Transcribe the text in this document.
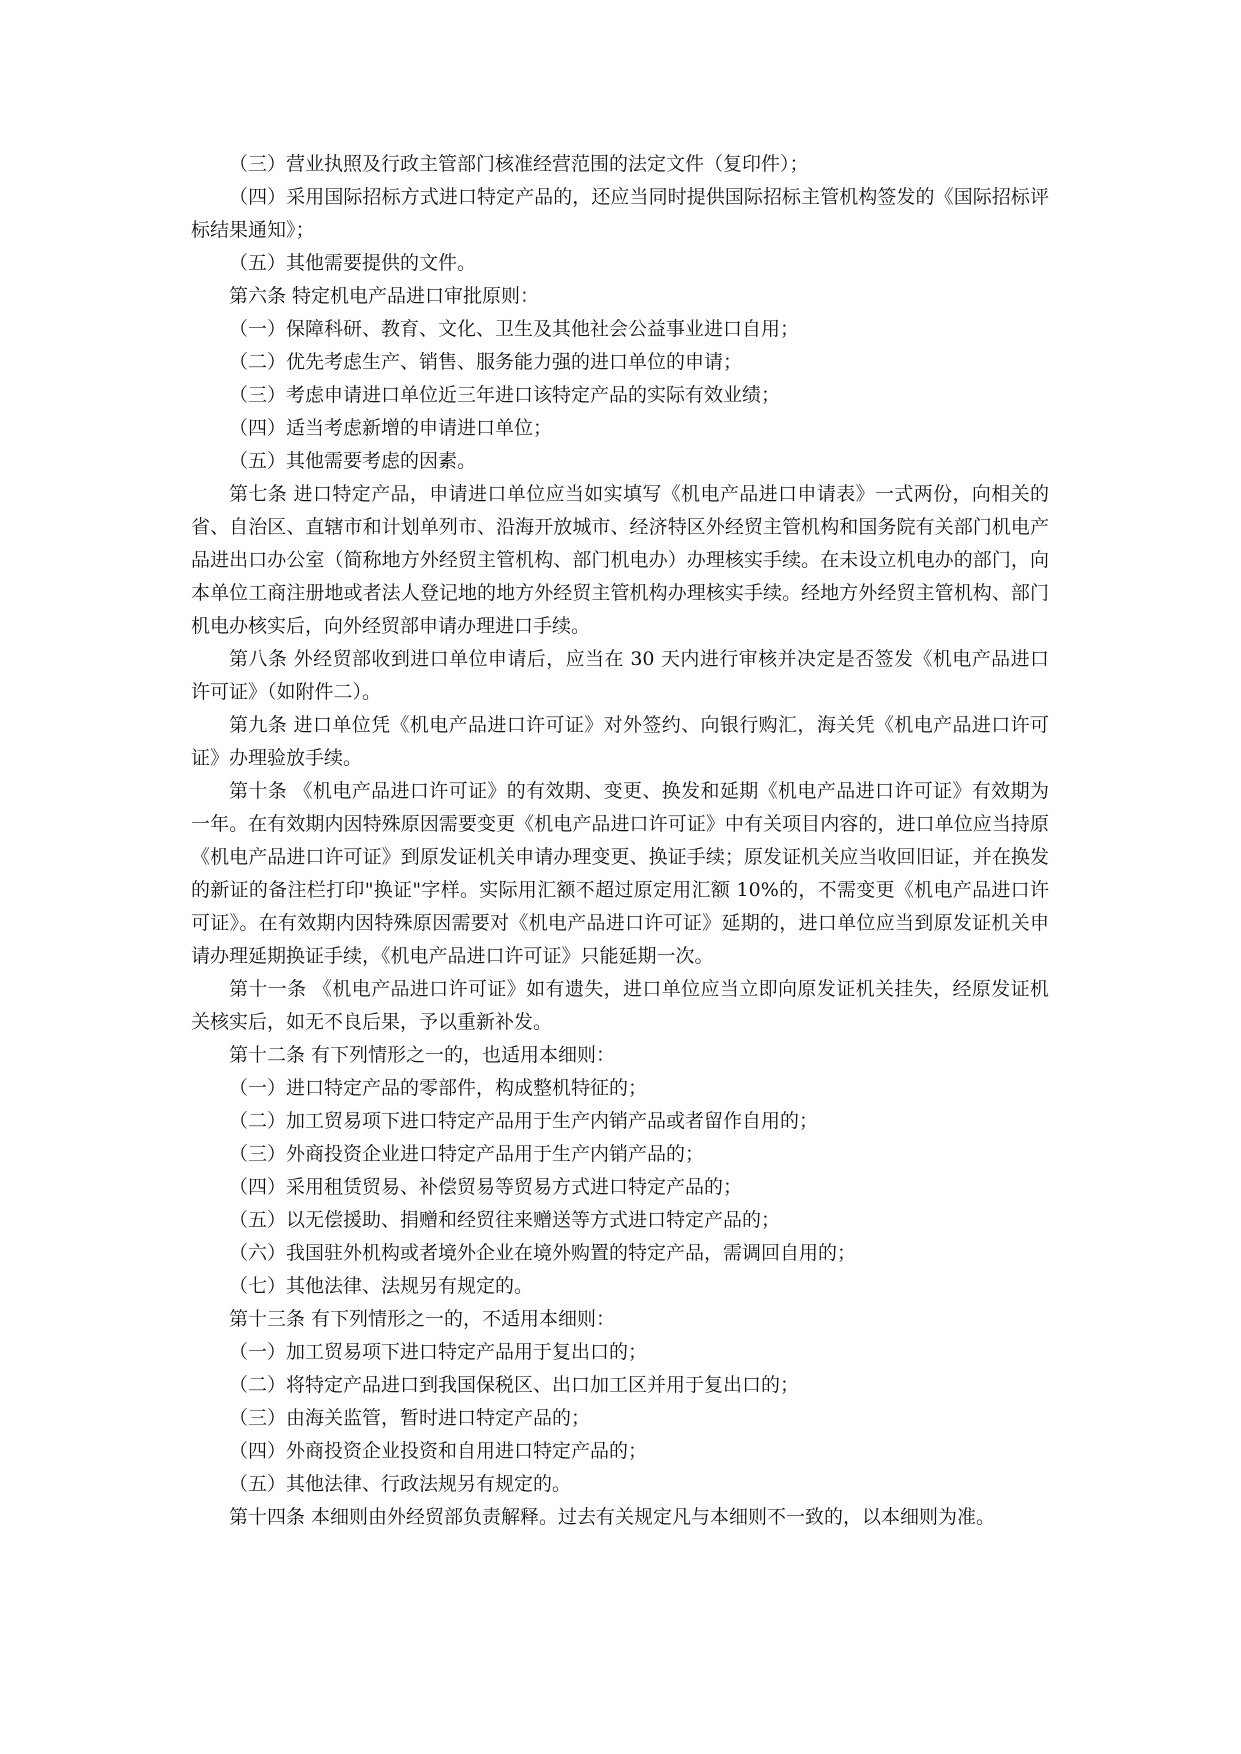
（三）营业执照及行政主管部门核准经营范围的法定文件（复印件）；

（四）采用国际招标方式进口特定产品的，还应当同时提供国际招标主管机构签发的《国际招标评标结果通知》；

（五）其他需要提供的文件。

第六条 特定机电产品进口审批原则：

（一）保障科研、教育、文化、卫生及其他社会公益事业进口自用；

（二）优先考虑生产、销售、服务能力强的进口单位的申请；

（三）考虑申请进口单位近三年进口该特定产品的实际有效业绩；

（四）适当考虑新增的申请进口单位；

（五）其他需要考虑的因素。

第七条 进口特定产品，申请进口单位应当如实填写《机电产品进口申请表》一式两份，向相关的省、自治区、直辖市和计划单列市、沿海开放城市、经济特区外经贸主管机构和国务院有关部门机电产品进出口办公室（简称地方外经贸主管机构、部门机电办）办理核实手续。在未设立机电办的部门，向本单位工商注册地或者法人登记地的地方外经贸主管机构办理核实手续。经地方外经贸主管机构、部门机电办核实后，向外经贸部申请办理进口手续。

第八条 外经贸部收到进口单位申请后，应当在 30 天内进行审核并决定是否签发《机电产品进口许可证》（如附件二）。

第九条 进口单位凭《机电产品进口许可证》对外签约、向银行购汇，海关凭《机电产品进口许可证》办理验放手续。

第十条 《机电产品进口许可证》的有效期、变更、换发和延期《机电产品进口许可证》有效期为一年。在有效期内因特殊原因需要变更《机电产品进口许可证》中有关项目内容的，进口单位应当持原《机电产品进口许可证》到原发证机关申请办理变更、换证手续；原发证机关应当收回旧证，并在换发的新证的备注栏打印"换证"字样。实际用汇额不超过原定用汇额 10%的，不需变更《机电产品进口许可证》。在有效期内因特殊原因需要对《机电产品进口许可证》延期的，进口单位应当到原发证机关申请办理延期换证手续，《机电产品进口许可证》只能延期一次。

第十一条 《机电产品进口许可证》如有遗失，进口单位应当立即向原发证机关挂失，经原发证机关核实后，如无不良后果，予以重新补发。

第十二条 有下列情形之一的，也适用本细则：

（一）进口特定产品的零部件，构成整机特征的；

（二）加工贸易项下进口特定产品用于生产内销产品或者留作自用的；

（三）外商投资企业进口特定产品用于生产内销产品的；

（四）采用租赁贸易、补偿贸易等贸易方式进口特定产品的；

（五）以无偿援助、捐赠和经贸往来赠送等方式进口特定产品的；

（六）我国驻外机构或者境外企业在境外购置的特定产品，需调回自用的；

（七）其他法律、法规另有规定的。

第十三条 有下列情形之一的，不适用本细则：

（一）加工贸易项下进口特定产品用于复出口的；

（二）将特定产品进口到我国保税区、出口加工区并用于复出口的；

（三）由海关监管，暂时进口特定产品的；

（四）外商投资企业投资和自用进口特定产品的；

（五）其他法律、行政法规另有规定的。

第十四条 本细则由外经贸部负责解释。过去有关规定凡与本细则不一致的，以本细则为准。
